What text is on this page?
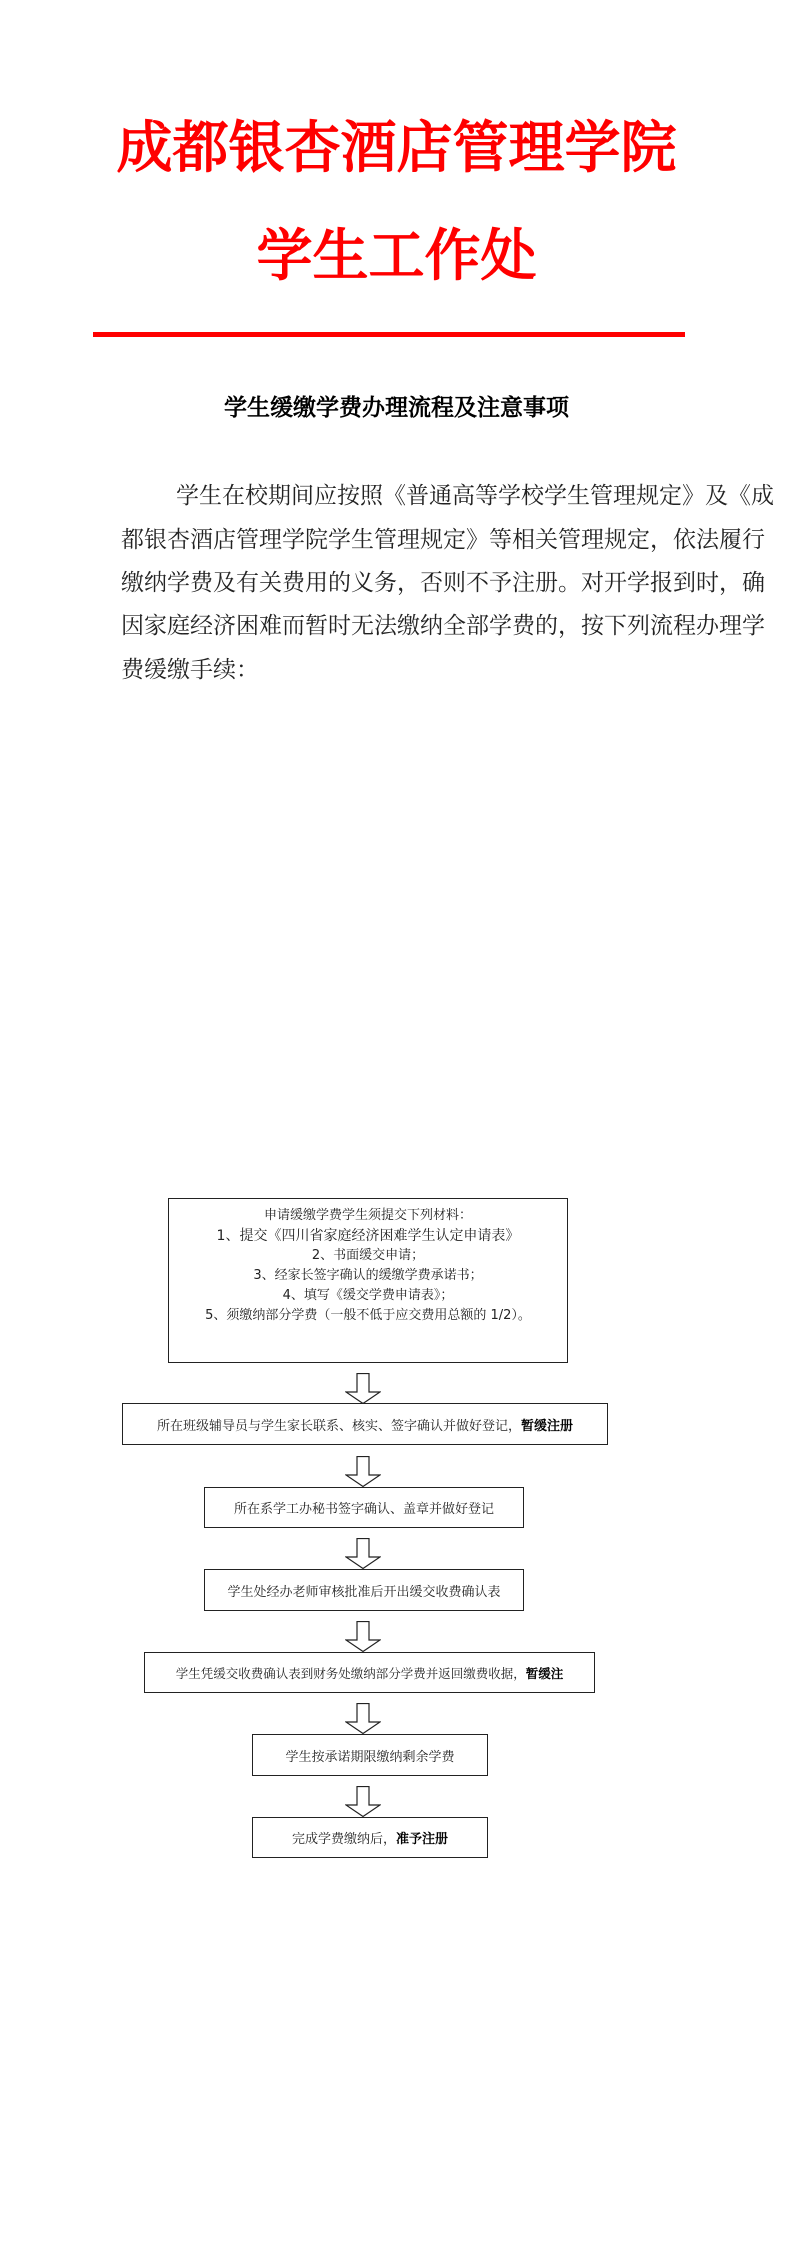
成都银杏酒店管理学院
学生工作处
学生缓缴学费办理流程及注意事项
学生在校期间应按照《普通高等学校学生管理规定》及《成
都银杏酒店管理学院学生管理规定》等相关管理规定，依法履行
缴纳学费及有关费用的义务，否则不予注册。对开学报到时，确
因家庭经济困难而暂时无法缴纳全部学费的，按下列流程办理学
费缓缴手续：
申请缓缴学费学生须提交下列材料：
1、提交《四川省家庭经济困难学生认定申请表》
2、书面缓交申请；
3、经家长签字确认的缓缴学费承诺书；
4、填写《缓交学费申请表》；
5、须缴纳部分学费（一般不低于应交费用总额的 1/2）。
所在班级辅导员与学生家长联系、核实、签字确认并做好登记， 暂缓注册
所在系学工办秘书签字确认、盖章并做好登记
学生处经办老师审核批准后开出缓交收费确认表
学生凭缓交收费确认表到财务处缴纳部分学费并返回缴费收据， 暂缓注
学生按承诺期限缴纳剩余学费
完成学费缴纳后， 准予注册
